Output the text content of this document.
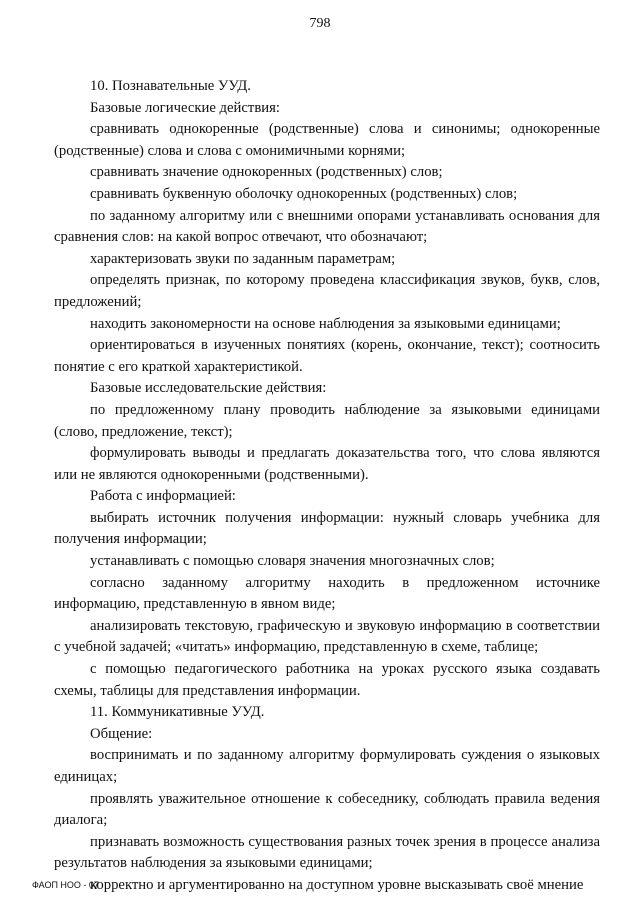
798

10. Познавательные УУД.

Базовые логические действия:

сравнивать однокоренные (родственные) слова и синонимы; однокоренные (родственные) слова и слова с омонимичными корнями;

сравнивать значение однокоренных (родственных) слов;

сравнивать буквенную оболочку однокоренных (родственных) слов;

по заданному алгоритму или с внешними опорами устанавливать основания для сравнения слов: на какой вопрос отвечают, что обозначают;

характеризовать звуки по заданным параметрам;

определять признак, по которому проведена классификация звуков, букв, слов, предложений;

находить закономерности на основе наблюдения за языковыми единицами;

ориентироваться в изученных понятиях (корень, окончание, текст); соотносить понятие с его краткой характеристикой.

Базовые исследовательские действия:

по предложенному плану проводить наблюдение за языковыми единицами (слово, предложение, текст);

формулировать выводы и предлагать доказательства того, что слова являются или не являются однокоренными (родственными).

Работа с информацией:

выбирать источник получения информации: нужный словарь учебника для получения информации;

устанавливать с помощью словаря значения многозначных слов;

согласно заданному алгоритму находить в предложенном источнике информацию, представленную в явном виде;

анализировать текстовую, графическую и звуковую информацию в соответствии с учебной задачей; «читать» информацию, представленную в схеме, таблице;

с помощью педагогического работника на уроках русского языка создавать схемы, таблицы для представления информации.

11. Коммуникативные УУД.

Общение:

воспринимать и по заданному алгоритму формулировать суждения о языковых единицах;

проявлять уважительное отношение к собеседнику, соблюдать правила ведения диалога;

признавать возможность существования разных точек зрения в процессе анализа результатов наблюдения за языковыми единицами;

корректно и аргументированно на доступном уровне высказывать своё мнение

ФАОП НОО - 07
